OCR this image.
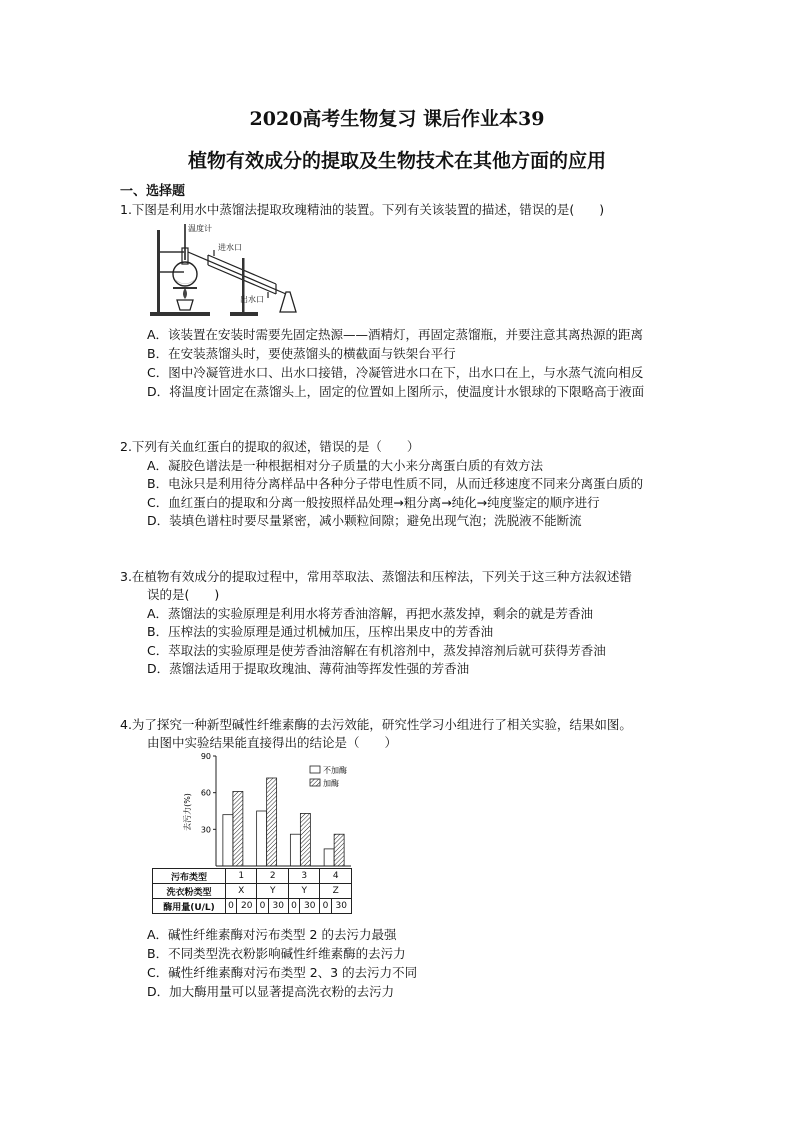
2020高考生物复习 课后作业本39
植物有效成分的提取及生物技术在其他方面的应用
一、选择题
1.下图是利用水中蒸馏法提取玫瑰精油的装置。下列有关该装置的描述，错误的是(　　)
温度计
进水口
出水口
A．该装置在安装时需要先固定热源——酒精灯，再固定蒸馏瓶，并要注意其离热源的距离
B．在安装蒸馏头时，要使蒸馏头的横截面与铁架台平行
C．图中冷凝管进水口、出水口接错，冷凝管进水口在下，出水口在上，与水蒸气流向相反
D．将温度计固定在蒸馏头上，固定的位置如上图所示，使温度计水银球的下限略高于液面
2.下列有关血红蛋白的提取的叙述，错误的是（　　）
A．凝胶色谱法是一种根据相对分子质量的大小来分离蛋白质的有效方法
B．电泳只是利用待分离样品中各种分子带电性质不同，从而迁移速度不同来分离蛋白质的
C．血红蛋白的提取和分离一般按照样品处理→粗分离→纯化→纯度鉴定的顺序进行
D．装填色谱柱时要尽量紧密，减小颗粒间隙；避免出现气泡；洗脱液不能断流
3.在植物有效成分的提取过程中，常用萃取法、蒸馏法和压榨法，下列关于这三种方法叙述错
误的是(　　)
A．蒸馏法的实验原理是利用水将芳香油溶解，再把水蒸发掉，剩余的就是芳香油
B．压榨法的实验原理是通过机械加压，压榨出果皮中的芳香油
C．萃取法的实验原理是使芳香油溶解在有机溶剂中，蒸发掉溶剂后就可获得芳香油
D．蒸馏法适用于提取玫瑰油、薄荷油等挥发性强的芳香油
4.为了探究一种新型碱性纤维素酶的去污效能，研究性学习小组进行了相关实验，结果如图。
由图中实验结果能直接得出的结论是（　　）
30
60
90
去污力(%)
不加酶
加酶
污布类型	1		2		3		4	
洗衣粉类型	X		Y		Y		Z	
酶用量(U/L)	0	20	0	30	0	30	0	30
A．碱性纤维素酶对污布类型 2 的去污力最强
B．不同类型洗衣粉影响碱性纤维素酶的去污力
C．碱性纤维素酶对污布类型 2、3 的去污力不同
D．加大酶用量可以显著提高洗衣粉的去污力
